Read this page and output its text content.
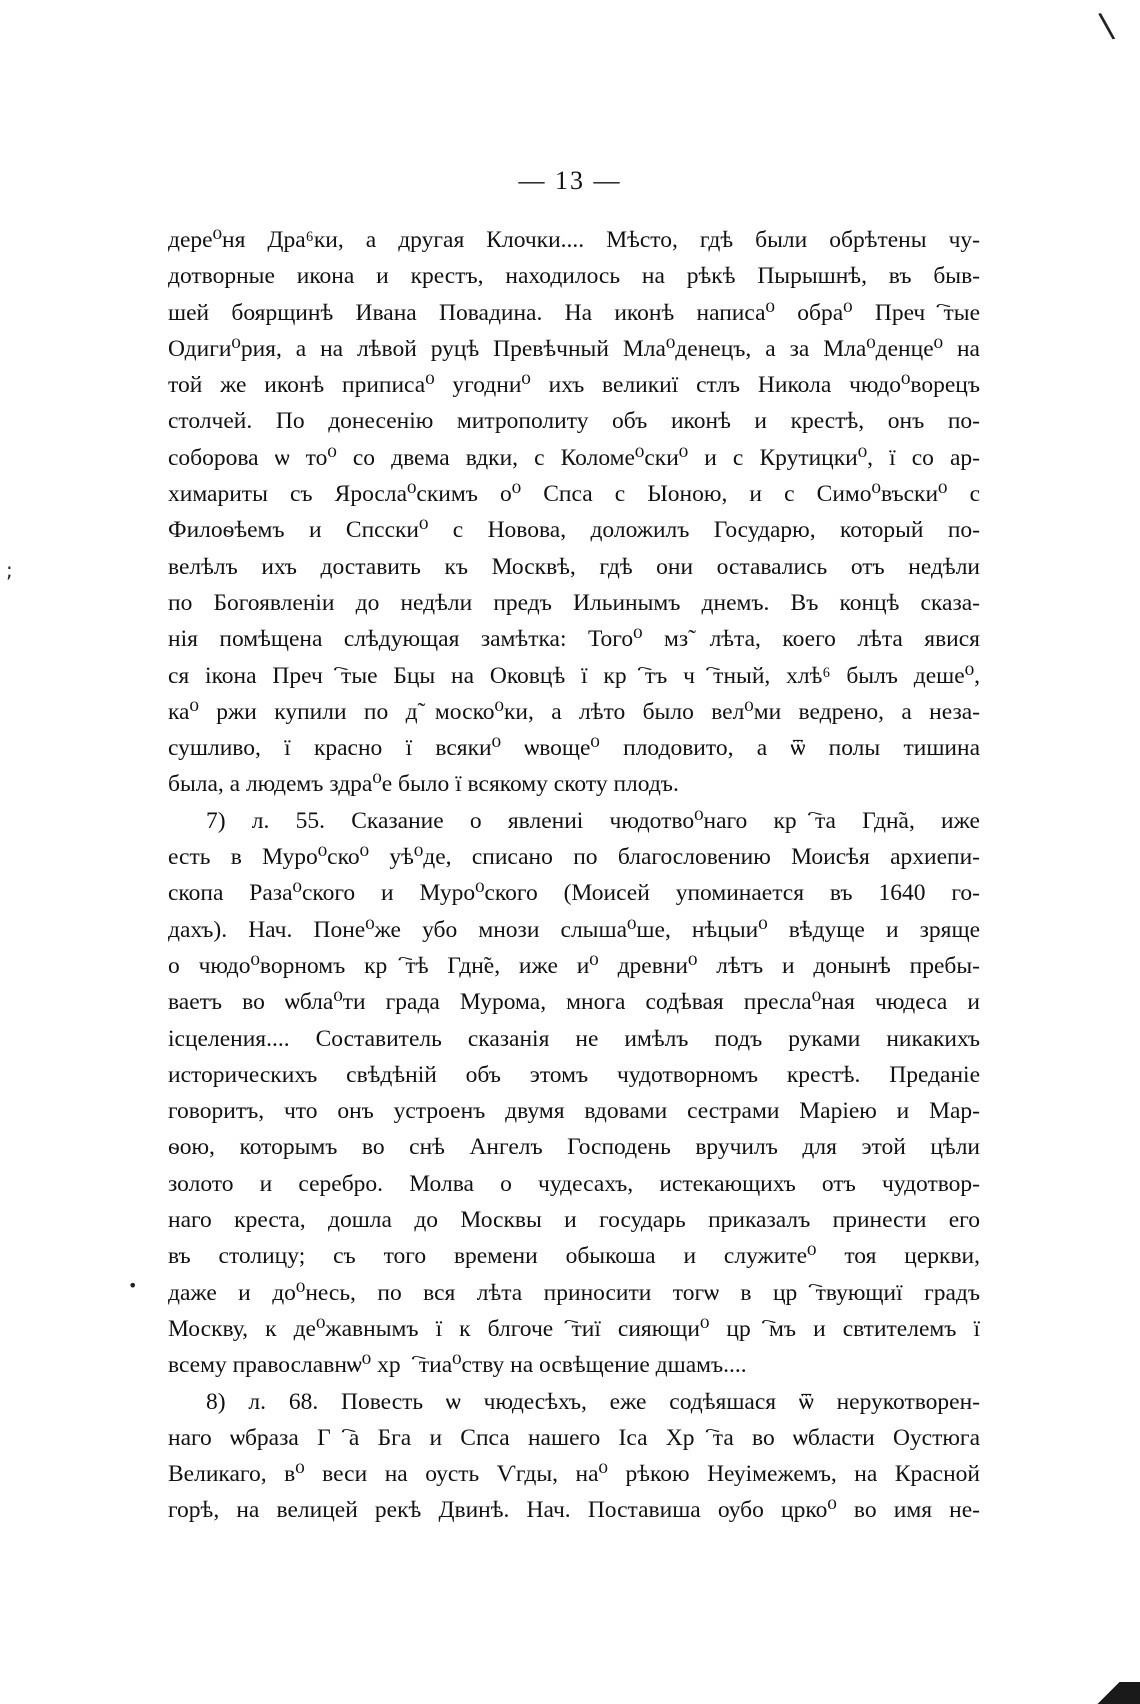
\
;
•
— 13 —
дере⁰ня Дра⁶ки, а другая Клочки.... Мѣсто, гдѣ были обрѣтены чу-
дотворные икона и крестъ, находилось на рѣкѣ Пырышнѣ, въ быв-
шей боярщинѣ Ивана Повадина. На иконѣ написа⁰ обра⁰ Пречⷭ҇тые
Одиги⁰рия, а на лѣвой руцѣ Превѣчный Мла⁰денецъ, а за Мла⁰денце⁰ на
той же иконѣ приписа⁰ угодни⁰ ихъ великиї стлъ Никола чюдо⁰ворецъ
столчей. По донесенію митрополиту объ иконѣ и крестѣ, онъ по-
соборова ѡ то⁰ со двема вдки, с Коломе⁰ски⁰ и с Крутицки⁰, ї со ар-
химариты съ Яросла⁰скимъ о⁰ Спса с Ыоною, и с Симо⁰въски⁰ с
Филоѳѣемъ и Спсски⁰ с Новова, доложилъ Государю, который по-
велѣлъ ихъ доставить къ Москвѣ, гдѣ они оставались отъ недѣли
по Богоявленіи до недѣли предъ Ильинымъ днемъ. Въ концѣ сказа-
нія помѣщена слѣдующая замѣтка: Того⁰ мз̃ лѣта, коего лѣта явися
ся ікона Пречⷭ҇тые Бцы на Оковцѣ ї крⷭ҇тъ чⷭ҇тный, хлѣ⁶ былъ деше⁰,
ка⁰ ржи купили по д̃ моско⁰ки, а лѣто было вел⁰ми ведрено, а неза-
сушливо, ї красно ї всяки⁰ ѡвоще⁰ плодовито, а ѿ полы тишина
была, а людемъ здра⁰е было ї всякому скоту плодъ.
7) л. 55. Сказание о явлениі чюдотво⁰наго крⷭ҇та Гдн̃а, иже
есть в Муро⁰ско⁰ уѣ⁰де, списано по благословению Моисѣя архиепи-
скопа Раза⁰ского и Муро⁰ского (Моисей упоминается въ 1640 го-
дахъ). Нач. Поне⁰же убо мнози слыша⁰ше, нѣцыи⁰ вѣдуще и зряще
о чюдо⁰ворномъ крⷭ҇тѣ Гдн̃е, иже и⁰ древни⁰ лѣтъ и донынѣ пребы-
ваетъ во ѡбла⁰ти града Мурома, многа содѣвая пресла⁰ная чюдеса и
ісцеления.... Составитель сказанія не имѣлъ подъ руками никакихъ
историческихъ свѣдѣній объ этомъ чудотворномъ крестѣ. Преданіе
говоритъ, что онъ устроенъ двумя вдовами сестрами Маріею и Мар-
ѳою, которымъ во снѣ Ангелъ Господень вручилъ для этой цѣли
золото и серебро. Молва о чудесахъ, истекающихъ отъ чудотвор-
наго креста, дошла до Москвы и государь приказалъ принести его
въ столицу; съ того времени обыкоша и служите⁰ тоя церкви,
даже и до⁰несь, по вся лѣта приносити тогѡ в црⷭ҇твующиї градъ
Москву, к де⁰жавнымъ ї к блгочеⷭ҇тиї сияющи⁰ црⷭ҇мъ и свтителемъ ї
всему православнѡ⁰ хрⷭ҇тиа⁰ству на освѣщение дшамъ....
8) л. 68. Повесть ѡ чюдесѣхъ, еже содѣяшася ѿ нерукотворен-
наго ѡбраза Гⷭ҇а Бга и Спса нашего Іса Хрⷭ҇та во ѡбласти Оустюга
Великаго, в⁰ веси на оусть Ѵгды, на⁰ рѣкою Неуімежемъ, на Красной
горѣ, на велицей рекѣ Двинѣ. Нач. Поставиша оубо црко⁰ во имя не-
